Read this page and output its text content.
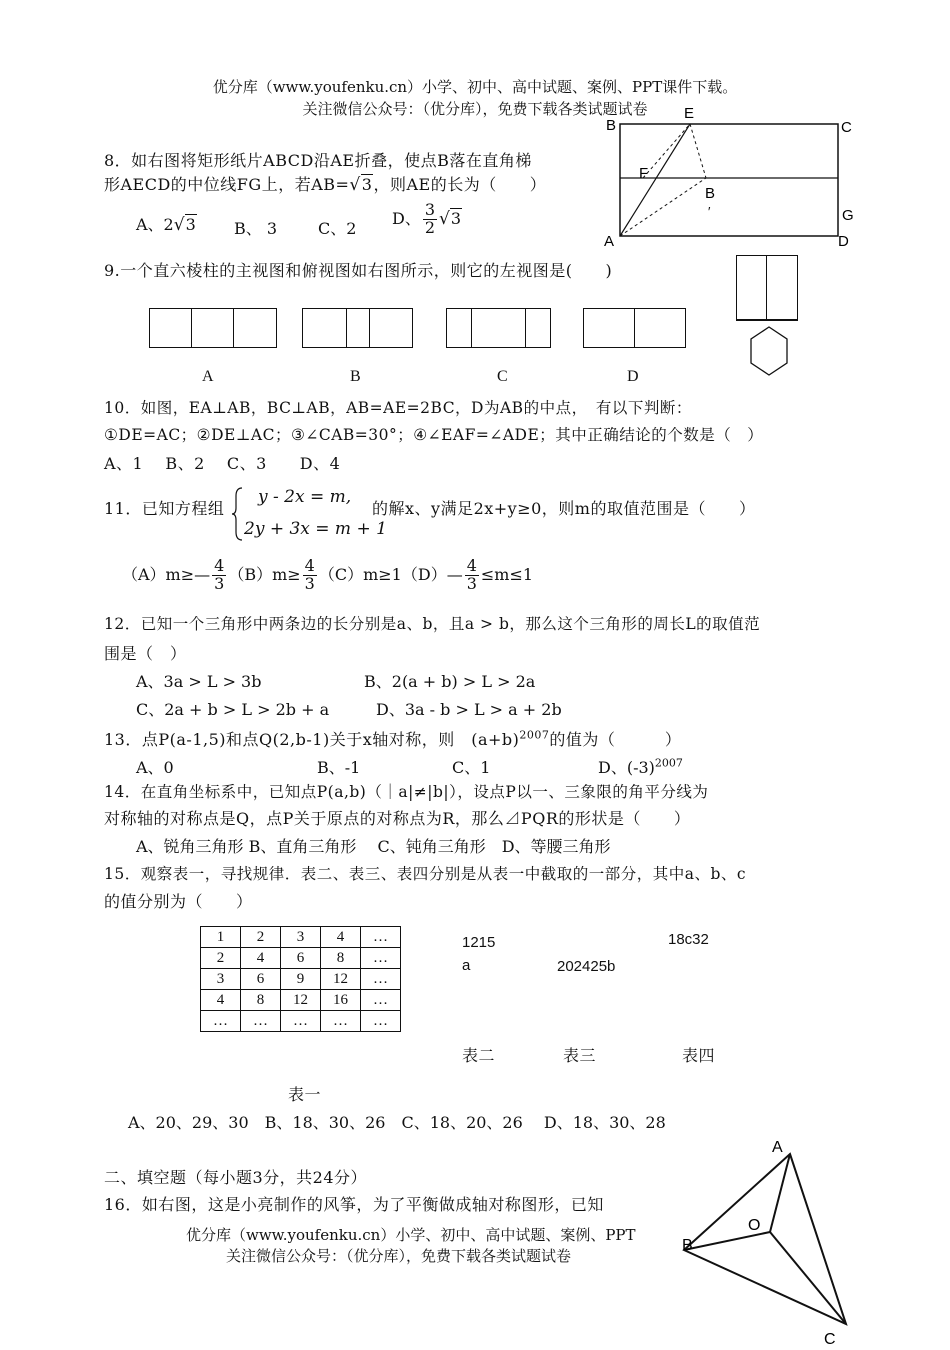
优分库（www.youfenku.cn）小学、初中、高中试题、案例、PPT课件下载。
关注微信公众号：（优分库），免费下载各类试题试卷
B
E
C
F
B
′	G
A	D
8．如右图将矩形纸片ABCD沿AE折叠，使点B落在直角梯
形AECD的中位线FG上，若AB=√3，则AE的长为（　　）
A、2√3 B、 3	C、2
D、 $\frac{3}{2} √3$
9.一个直六棱柱的主视图和俯视图如右图所示，则它的左视图是(　　)
A	B	C	D
10．如图，EA⊥AB，BC⊥AB，AB=AE=2BC，D为AB的中点，　有以下判断：
①DE=AC；②DE⊥AC；③∠CAB=30°；④∠EAF=∠ADE；其中正确结论的个数是（　）
A、1　 B、2　 C、3　　D、4
11．已知方程组
y - 2x = m,
2y + 3x = m + 1
的解x、y满足2x+y≥0，则m的取值范围是（　　）
（A）m≥— $\frac{4}{3} (B)m\ge \frac{4}{3}$ （C）m≥1（D）— $\frac{4}{3} \le m\le 1$
12．已知一个三角形中两条边的长分别是a、b，且a > b，那么这个三角形的周长L的取值范
围是（　）
A、3a > L > 3b	B、2(a + b) > L > 2a
C、2a + b > L > 2b + a	D、3a - b > L > a + 2b
13．点P(a-1,5)和点Q(2,b-1)关于x轴对称，则　$(a+b)^{2007}$的值为（　　　）
A、0	B、-1	C、1	D、$(-3)^{2007}$
14．在直角坐标系中，已知点P(a,b)（｜a|≠|b|），设点P以一、三象限的角平分线为
对称轴的对称点是Q，点P关于原点的对称点为R，那么⊿PQR的形状是（　　）
A、锐角三角形 B、直角三角形　 C、钝角三角形　D、等腰三角形
15．观察表一，寻找规律．表二、表三、表四分别是从表一中截取的一部分，其中a、b、c
的值分别为（　　）
1	2	3	4	…
2	4	6	8	…
3	6	9	12	…
4	8	12	16	…
…	…	…	…	…
1215
a	202425b
18c32
表二	表三	表四
表一
A、20、29、30　B、18、30、26　C、18、20、26　 D、18、30、28
二、填空题（每小题3分，共24分）
16．如右图，这是小亮制作的风筝，为了平衡做成轴对称图形，已知
A
O
B
C
优分库（www.youfenku.cn）小学、初中、高中试题、案例、PPT
关注微信公众号：（优分库），免费下载各类试题试卷
